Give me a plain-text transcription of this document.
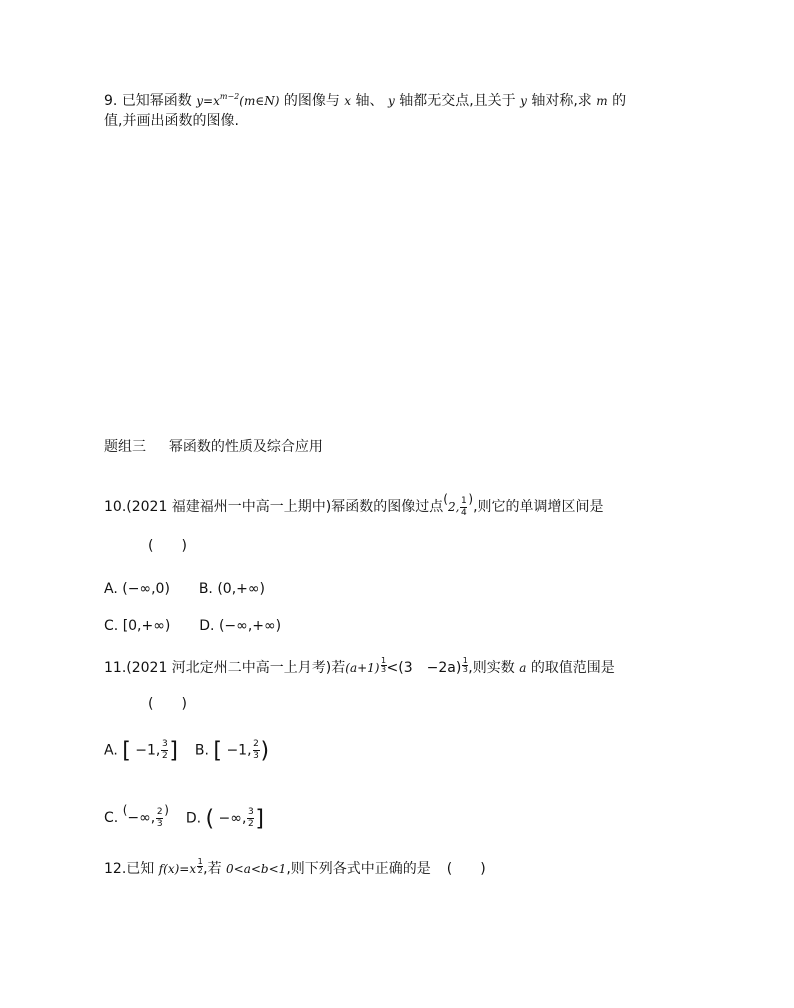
9. 已知幂函数 $y=x^{m-2}(m\in N)$ 的图像与 x 轴、 y 轴都无交点,且关于 y 轴对称,求 m 的
值,并画出函数的图像.
题组三 幂函数的性质及综合应用
10.(2021 福建福州一中高一上期中)幂函数的图像过点(2, $\frac{1}{4}$ ),则它的单调增区间是
(　　)
A. (−∞,0) B. (0,+∞)
C. [0,+∞) D. (−∞,+∞)
11.(2021 河北定州二中高一上月考)若$(a+1) \frac{1}{3} <(3$　$-2a) \frac{1}{3}$ ,则实数 a 的取值范围是
(　　)
A. [ −1, $\frac{3}{2}$ ] B. [ −1, $\frac{2}{3}$ )
C. (−∞, $\frac{2}{3}$ ) D. ( −∞, $\frac{3}{2}$ ]
12.已知 $f(x)=x \frac{1}{2}$ ,若 0<a<b<1,则下列各式中正确的是 (　　)
